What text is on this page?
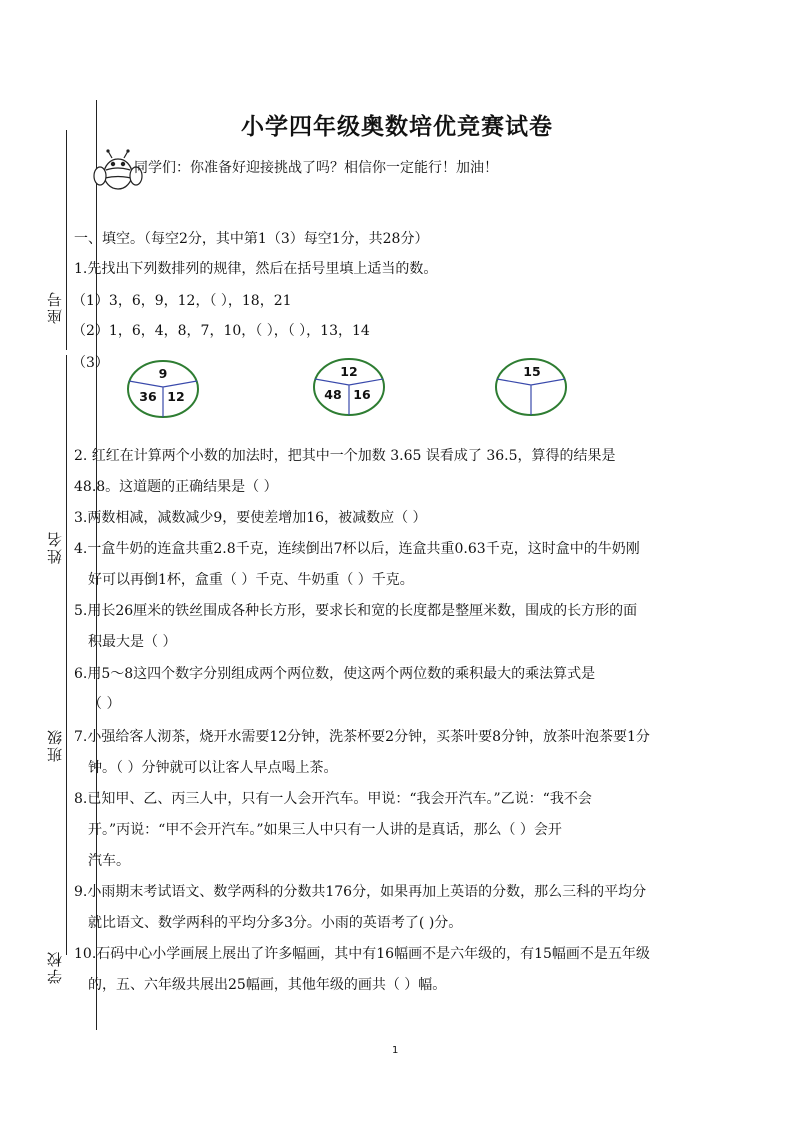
座号
姓名
班级
学校
小学四年级奥数培优竞赛试卷
同学们：你准备好迎接挑战了吗？相信你一定能行！加油！
一、填空。（每空2分，其中第1（3）每空1分，共28分）
1.先找出下列数排列的规律，然后在括号里填上适当的数。
（1）3，6，9，12，（ ），18，21
（2）1，6，4，8，7，10，（ ），（ ），13，14
（3）
9
36 12
12
48 16
15
2. 红红在计算两个小数的加法时，把其中一个加数 3.65 误看成了 36.5，算得的结果是
48.8。这道题的正确结果是（ ）
3.两数相减，减数减少9，要使差增加16，被减数应（ ）
4.一盒牛奶的连盒共重2.8千克，连续倒出7杯以后，连盒共重0.63千克，这时盒中的牛奶刚
好可以再倒1杯，盒重（ ）千克、牛奶重（ ）千克。
5.用长26厘米的铁丝围成各种长方形，要求长和宽的长度都是整厘米数，围成的长方形的面
积最大是（ ）
6.用5～8这四个数字分别组成两个两位数，使这两个两位数的乘积最大的乘法算式是
（ ）
7.小强给客人沏茶，烧开水需要12分钟，洗茶杯要2分钟，买茶叶要8分钟，放茶叶泡茶要1分
钟。（ ）分钟就可以让客人早点喝上茶。
8.已知甲、乙、丙三人中，只有一人会开汽车。甲说：“我会开汽车。”乙说：“我不会
开。”丙说：“甲不会开汽车。”如果三人中只有一人讲的是真话，那么（ ）会开
汽车。
9.小雨期末考试语文、数学两科的分数共176分，如果再加上英语的分数，那么三科的平均分
就比语文、数学两科的平均分多3分。小雨的英语考了( )分。
10.石码中心小学画展上展出了许多幅画，其中有16幅画不是六年级的，有15幅画不是五年级
的，五、六年级共展出25幅画，其他年级的画共（ ）幅。
1
